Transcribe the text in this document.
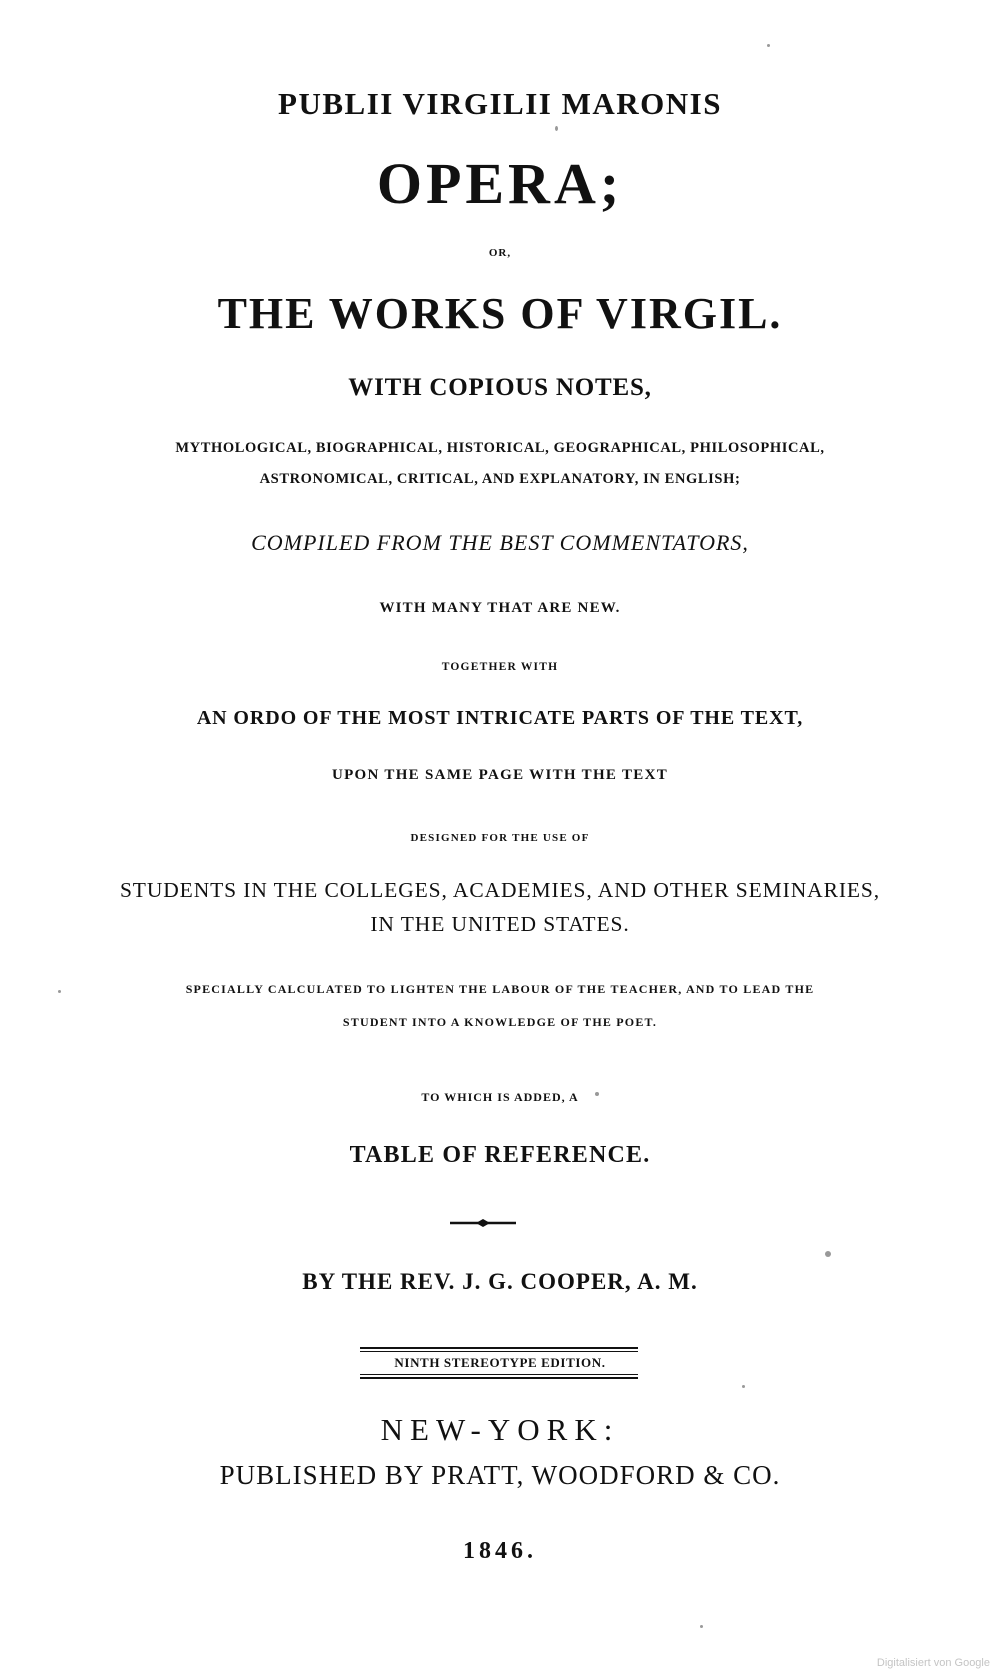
PUBLII VIRGILII MARONIS
OPERA;
OR,
THE WORKS OF VIRGIL.
WITH COPIOUS NOTES,
MYTHOLOGICAL, BIOGRAPHICAL, HISTORICAL, GEOGRAPHICAL, PHILOSOPHICAL,
ASTRONOMICAL, CRITICAL, AND EXPLANATORY, IN ENGLISH;
COMPILED FROM THE BEST COMMENTATORS,
WITH MANY THAT ARE NEW.
TOGETHER WITH
AN ORDO OF THE MOST INTRICATE PARTS OF THE TEXT,
UPON THE SAME PAGE WITH THE TEXT
DESIGNED FOR THE USE OF
STUDENTS IN THE COLLEGES, ACADEMIES, AND OTHER SEMINARIES,
IN THE UNITED STATES.
SPECIALLY CALCULATED TO LIGHTEN THE LABOUR OF THE TEACHER, AND TO LEAD THE
STUDENT INTO A KNOWLEDGE OF THE POET.
TO WHICH IS ADDED, A
TABLE OF REFERENCE.
BY THE REV. J. G. COOPER, A. M.
NINTH STEREOTYPE EDITION.
NEW-YORK:
PUBLISHED BY PRATT, WOODFORD & CO.
1846.
Digitalisiert von Google
